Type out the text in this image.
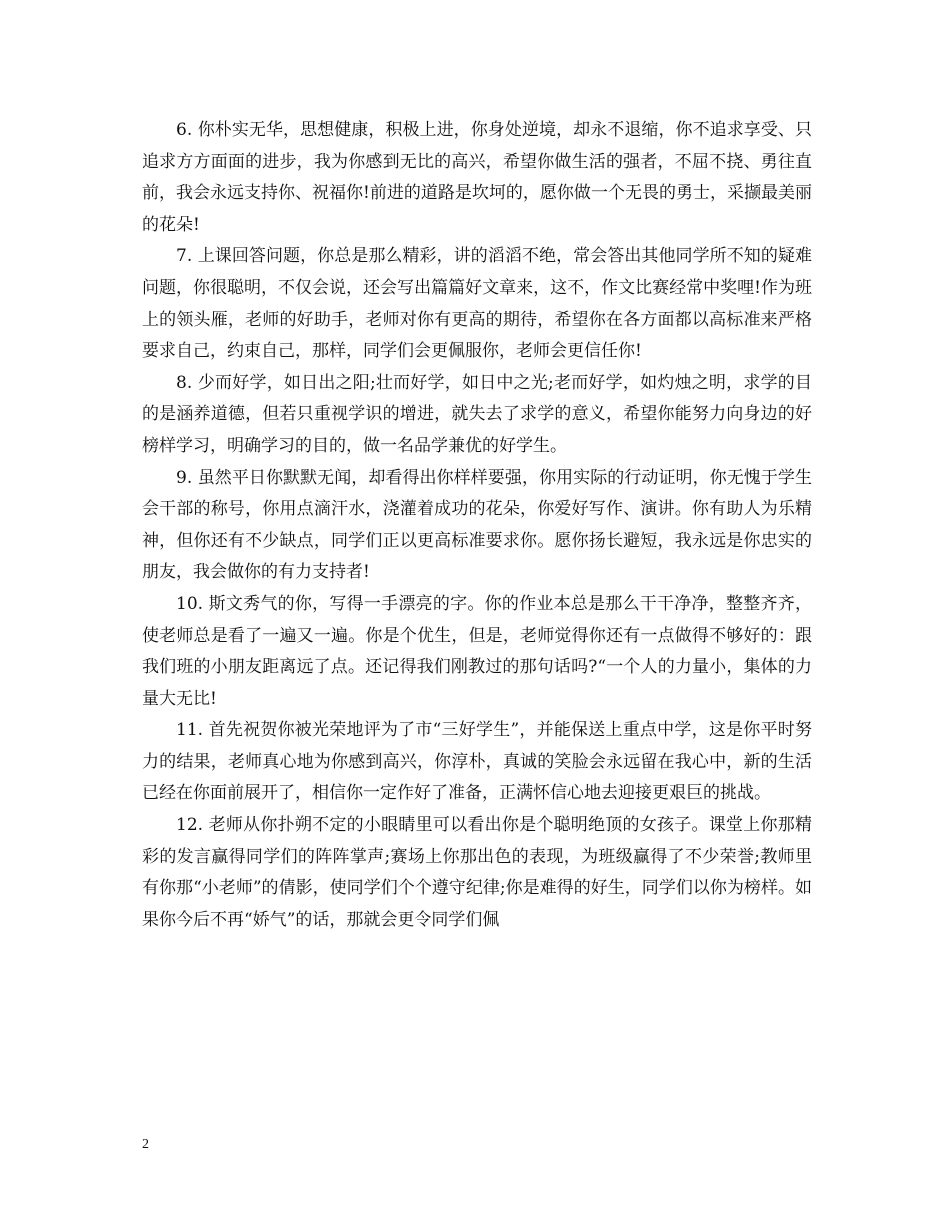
6. 你朴实无华，思想健康，积极上进，你身处逆境，却永不退缩，你不追求享受、只追求方方面面的进步，我为你感到无比的高兴，希望你做生活的强者，不屈不挠、勇往直前，我会永远支持你、祝福你!前进的道路是坎坷的，愿你做一个无畏的勇士，采撷最美丽的花朵!

7. 上课回答问题，你总是那么精彩，讲的滔滔不绝，常会答出其他同学所不知的疑难问题，你很聪明，不仅会说，还会写出篇篇好文章来，这不，作文比赛经常中奖哩!作为班上的领头雁，老师的好助手，老师对你有更高的期待，希望你在各方面都以高标准来严格要求自己，约束自己，那样，同学们会更佩服你，老师会更信任你!

8. 少而好学，如日出之阳;壮而好学，如日中之光;老而好学，如灼烛之明，求学的目的是涵养道德，但若只重视学识的增进，就失去了求学的意义，希望你能努力向身边的好榜样学习，明确学习的目的，做一名品学兼优的好学生。

9. 虽然平日你默默无闻，却看得出你样样要强，你用实际的行动证明，你无愧于学生会干部的称号，你用点滴汗水，浇灌着成功的花朵，你爱好写作、演讲。你有助人为乐精神，但你还有不少缺点，同学们正以更高标准要求你。愿你扬长避短，我永远是你忠实的朋友，我会做你的有力支持者!

10. 斯文秀气的你，写得一手漂亮的字。你的作业本总是那么干干净净，整整齐齐，使老师总是看了一遍又一遍。你是个优生，但是，老师觉得你还有一点做得不够好的：跟我们班的小朋友距离远了点。还记得我们刚教过的那句话吗?“一个人的力量小，集体的力量大无比!

11. 首先祝贺你被光荣地评为了市“三好学生”，并能保送上重点中学，这是你平时努力的结果，老师真心地为你感到高兴，你淳朴，真诚的笑脸会永远留在我心中，新的生活已经在你面前展开了，相信你一定作好了准备，正满怀信心地去迎接更艰巨的挑战。

12. 老师从你扑朔不定的小眼睛里可以看出你是个聪明绝顶的女孩子。课堂上你那精彩的发言赢得同学们的阵阵掌声;赛场上你那出色的表现，为班级赢得了不少荣誉;教师里有你那“小老师”的倩影，使同学们个个遵守纪律;你是难得的好生，同学们以你为榜样。如果你今后不再“娇气”的话，那就会更令同学们佩

2
